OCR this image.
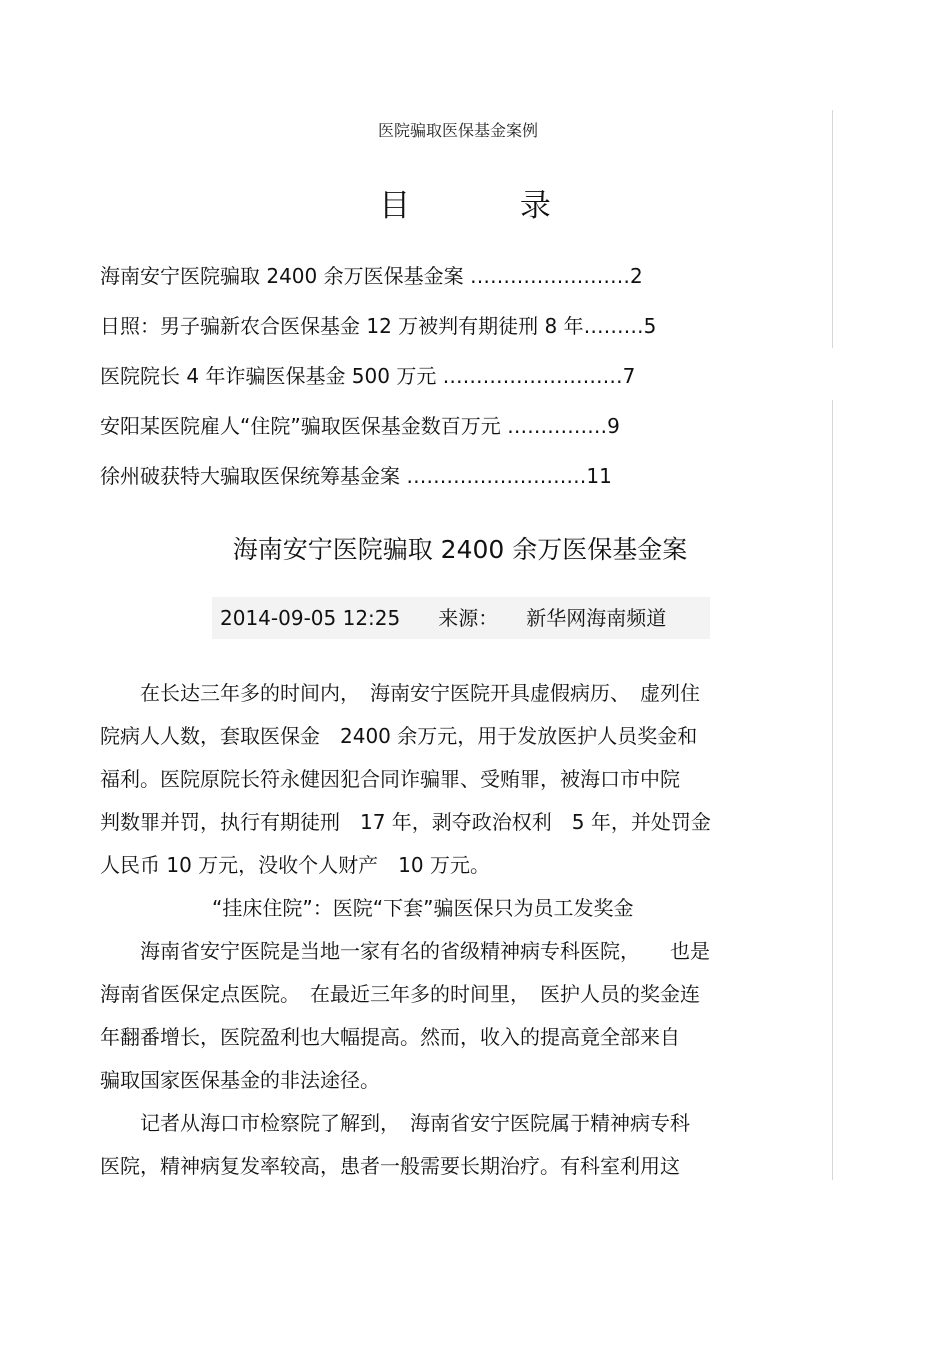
医院骗取医保基金案例
目 录
海南安宁医院骗取 2400 余万医保基金案 ……………………2
日照：男子骗新农合医保基金 12 万被判有期徒刑 8 年………5
医院院长 4 年诈骗医保基金 500 万元 ………………………7
安阳某医院雇人“住院”骗取医保基金数百万元 ……………9
徐州破获特大骗取医保统筹基金案 ………………………11
海南安宁医院骗取 2400 余万医保基金案
2014-09-05 12:25 来源： 新华网海南频道
　　在长达三年多的时间内，　海南安宁医院开具虚假病历、　虚列住
院病人人数，套取医保金　2400 余万元，用于发放医护人员奖金和
福利。医院原院长符永健因犯合同诈骗罪、受贿罪，被海口市中院
判数罪并罚，执行有期徒刑　17 年，剥夺政治权利　5 年，并处罚金
人民币 10 万元，没收个人财产　10 万元。
“挂床住院”：医院“下套”骗医保只为员工发奖金
　　海南省安宁医院是当地一家有名的省级精神病专科医院，　　也是
海南省医保定点医院。　在最近三年多的时间里，　医护人员的奖金连
年翻番增长，医院盈利也大幅提高。然而，收入的提高竟全部来自
骗取国家医保基金的非法途径。
　　记者从海口市检察院了解到，　海南省安宁医院属于精神病专科
医院，精神病复发率较高，患者一般需要长期治疗。有科室利用这
